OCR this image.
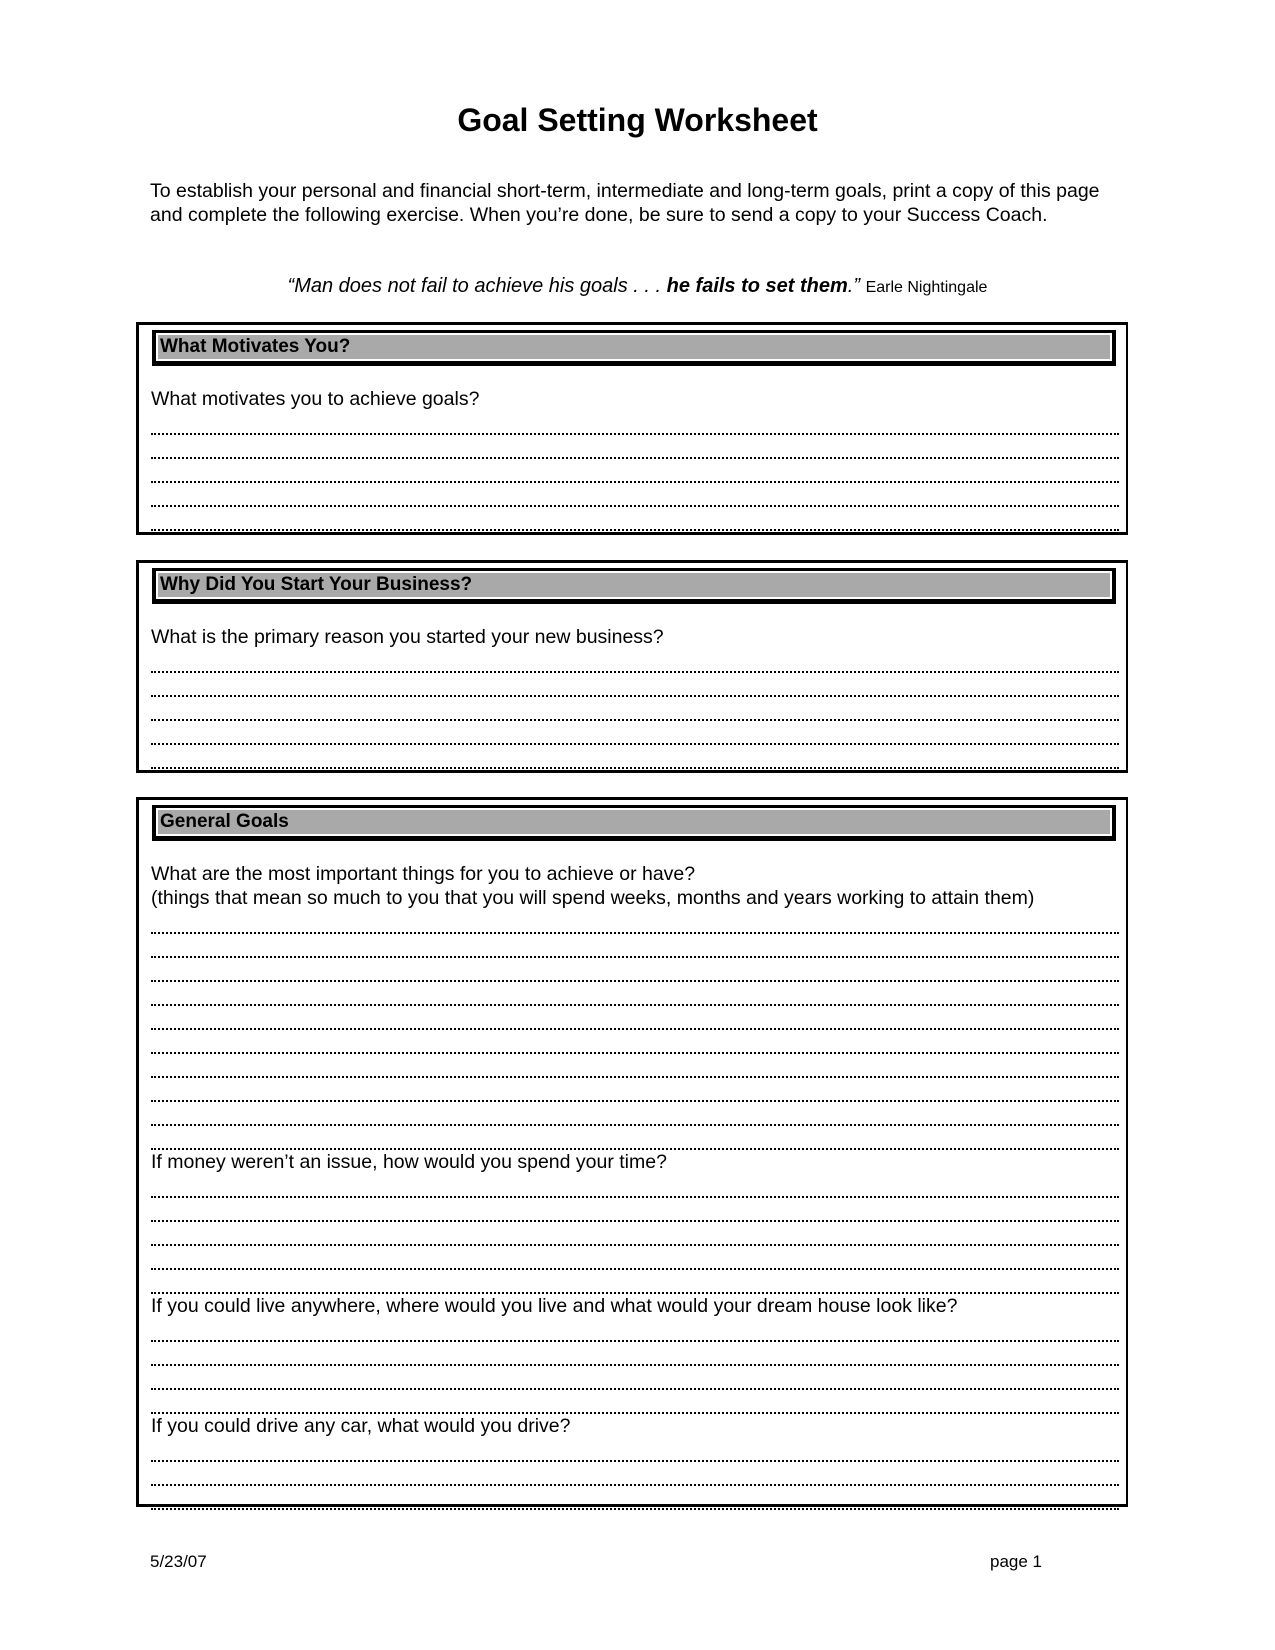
Goal Setting Worksheet

To establish your personal and financial short-term, intermediate and long-term goals, print a copy of this page and complete the following exercise. When you’re done, be sure to send a copy to your Success Coach.

“Man does not fail to achieve his goals . . . he fails to set them.” Earle Nightingale

What Motivates You?

What motivates you to achieve goals?

Why Did You Start Your Business?

What is the primary reason you started your new business?

General Goals

What are the most important things for you to achieve or have?

(things that mean so much to you that you will spend weeks, months and years working to attain them)

If money weren’t an issue, how would you spend your time?

If you could live anywhere, where would you live and what would your dream house look like?

If you could drive any car, what would you drive?

5/23/07	page 1
